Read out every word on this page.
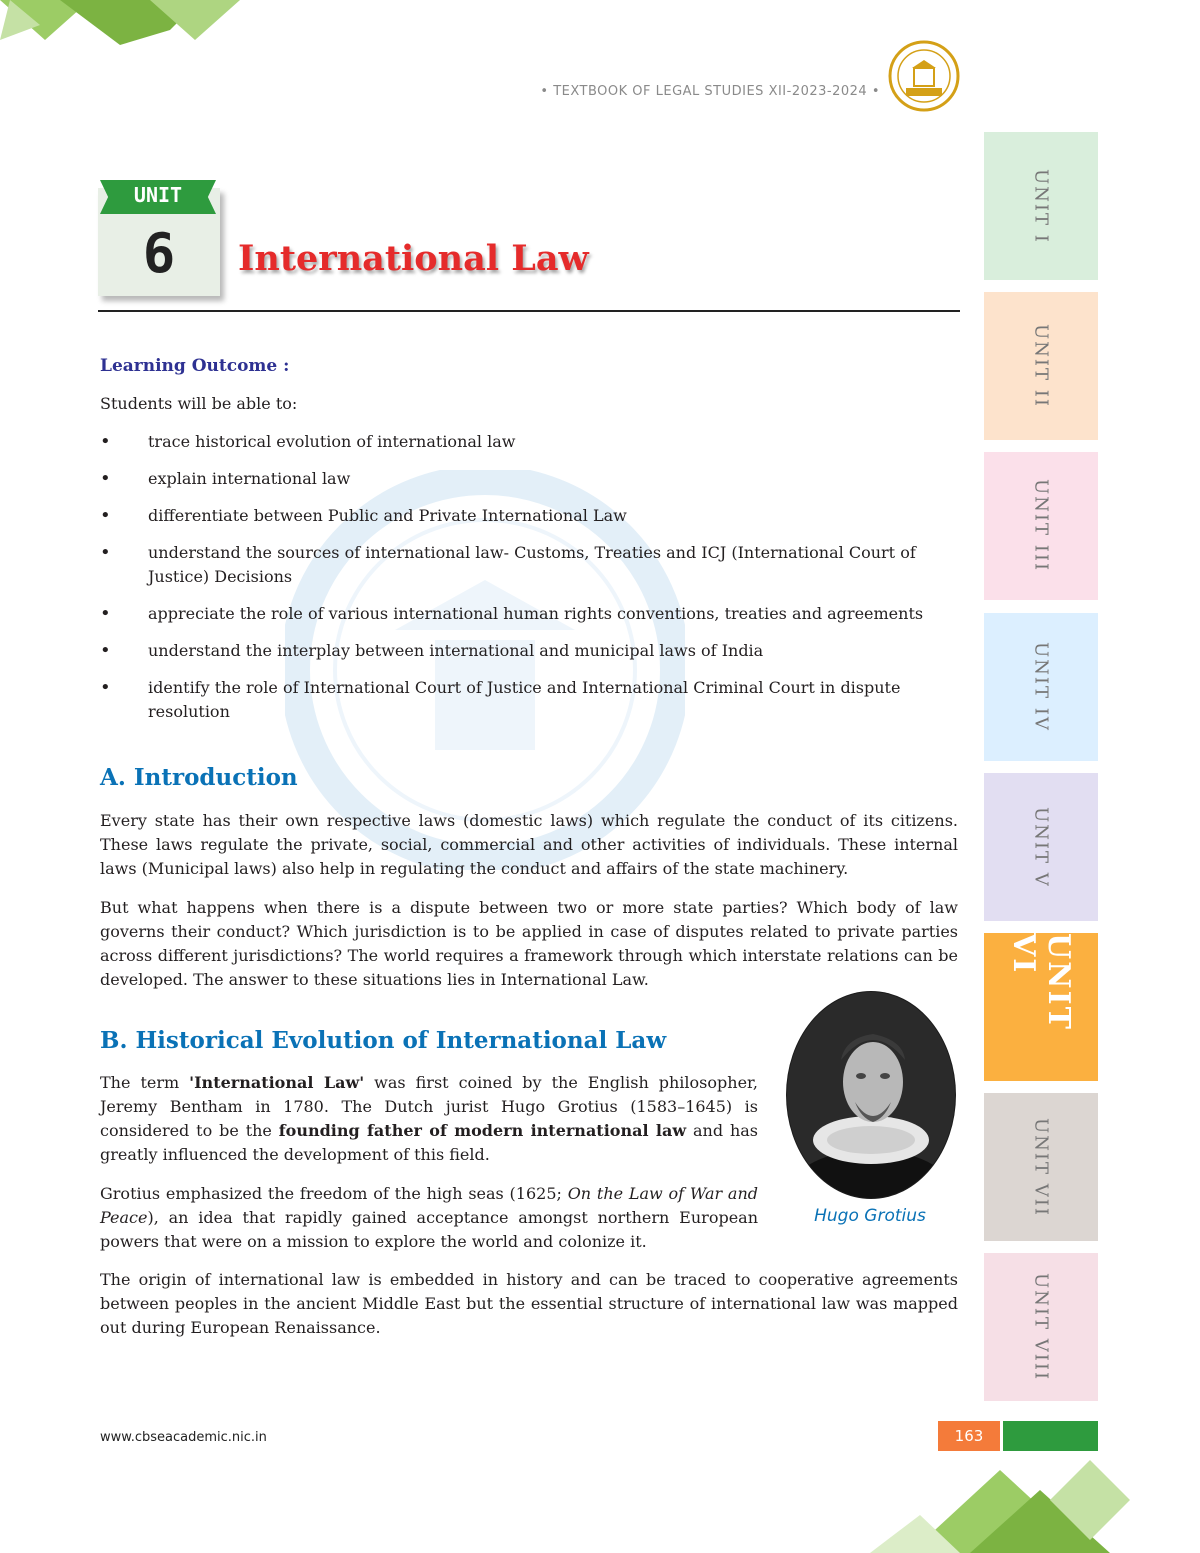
• TEXTBOOK OF LEGAL STUDIES XII-2023-2024 •
UNIT
6	International Law
Learning Outcome :
Students will be able to:
• trace historical evolution of international law
• explain international law
• differentiate between Public and Private International Law
• understand the sources of international law- Customs, Treaties and ICJ (International Court of Justice) Decisions
• appreciate the role of various international human rights conventions, treaties and agreements
• understand the interplay between international and municipal laws of India
• identify the role of International Court of Justice and International Criminal Court in dispute resolution
A. Introduction

Every state has their own respective laws (domestic laws) which regulate the conduct of its citizens. These laws regulate the private, social, commercial and other activities of individuals. These internal laws (Municipal laws) also help in regulating the conduct and affairs of the state machinery.

But what happens when there is a dispute between two or more state parties? Which body of law governs their conduct? Which jurisdiction is to be applied in case of disputes related to private parties across different jurisdictions? The world requires a framework through which interstate relations can be developed. The answer to these situations lies in International Law.

B. Historical Evolution of International Law

The term 'International Law' was first coined by the English philosopher, Jeremy Bentham in 1780. The Dutch jurist Hugo Grotius (1583–1645) is considered to be the founding father of modern international law and has greatly influenced the development of this field.

Grotius emphasized the freedom of the high seas (1625; On the Law of War and Peace), an idea that rapidly gained acceptance amongst northern European powers that were on a mission to explore the world and colonize it.

The origin of international law is embedded in history and can be traced to cooperative agreements between peoples in the ancient Middle East but the essential structure of international law was mapped out during European Renaissance.

Hugo Grotius
UNIT I
UNIT II
UNIT III
UNIT IV
UNIT V
UNIT VI
UNIT VII
UNIT VIII
www.cbseacademic.nic.in	163
